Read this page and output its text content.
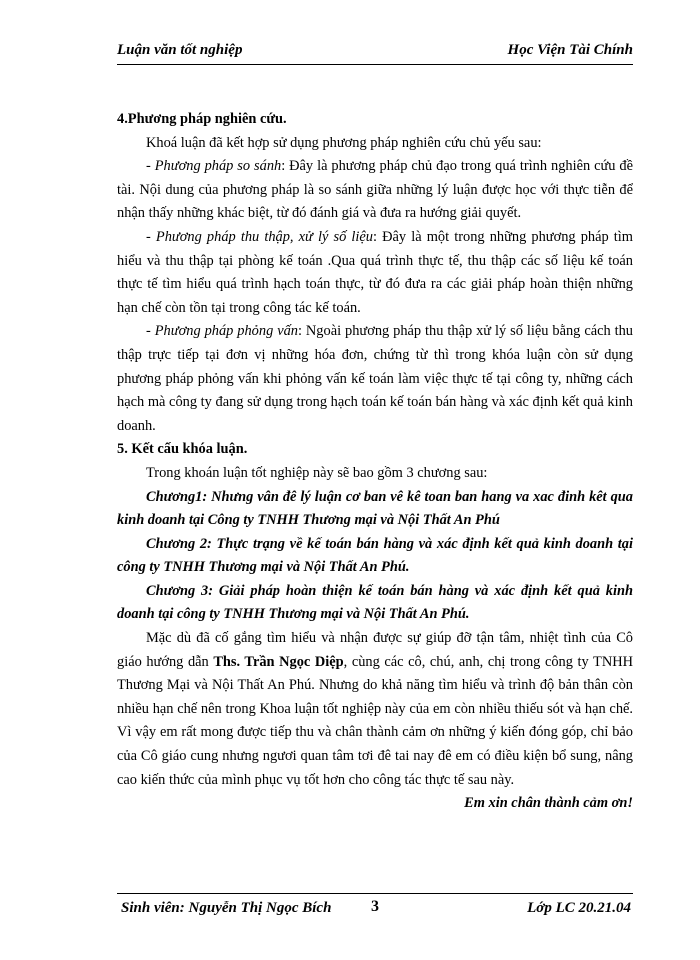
Luận văn tốt nghiệp	Học Viện Tài Chính

4.Phương pháp nghiên cứu.

Khoá luận đã kết hợp sử dụng phương pháp nghiên cứu chủ yếu sau:

- Phương pháp so sánh: Đây là phương pháp chủ đạo trong quá trình nghiên cứu đề tài. Nội dung của phương pháp là so sánh giữa những lý luận được học với thực tiễn để nhận thấy những khác biệt, từ đó đánh giá và đưa ra hướng giải quyết.

- Phương pháp thu thập, xử lý số liệu: Đây là một trong những phương pháp tìm hiểu và thu thập tại phòng kế toán .Qua quá trình thực tế, thu thập các số liệu kế toán thực tế tìm hiểu quá trình hạch toán thực, từ đó đưa ra các giải pháp hoàn thiện những hạn chế còn tồn tại trong công tác kế toán.

- Phương pháp phỏng vấn: Ngoài phương pháp thu thập xử lý số liệu bằng cách thu thập trực tiếp tại đơn vị những hóa đơn, chứng từ thì trong khóa luận còn sử dụng phương pháp phỏng vấn khi phỏng vấn kế toán làm việc thực tế tại công ty, những cách hạch mà công ty đang sử dụng trong hạch toán kế toán bán hàng và xác định kết quả kinh doanh.

5. Kết cấu khóa luận.

Trong khoán luận tốt nghiệp này sẽ bao gồm 3 chương sau:

Chương1: Nhưng vân đê lý luận cơ ban vê kê toan ban hang va xac đinh kêt qua kinh doanh tại Công ty TNHH Thương mại và Nội Thất An Phú

Chương 2: Thực trạng về kế toán bán hàng và xác định kết quả kinh doanh tại công ty TNHH Thương mại và Nội Thất An Phú.

Chương 3: Giải pháp hoàn thiện kế toán bán hàng và xác định kết quả kinh doanh tại công ty TNHH Thương mại và Nội Thất An Phú.

Mặc dù đã cố gắng tìm hiểu và nhận được sự giúp đỡ tận tâm, nhiệt tình của Cô giáo hướng dẫn Ths. Trần Ngọc Diệp, cùng các cô, chú, anh, chị trong công ty TNHH Thương Mại và Nội Thất An Phú. Nhưng do khả năng tìm hiểu và trình độ bản thân còn nhiều hạn chế nên trong Khoa luận tốt nghiệp này của em còn nhiều thiếu sót và hạn chế. Vì vậy em rất mong được tiếp thu và chân thành cảm ơn những ý kiến đóng góp, chỉ bảo của Cô giáo cung nhưng ngươi quan tâm tơi đê tai nay đê em có điều kiện bổ sung, nâng cao kiến thức của mình phục vụ tốt hơn cho công tác thực tế sau này.

Em xin chân thành cảm ơn!

Sinh viên: Nguyễn Thị Ngọc Bích 3	Lớp LC 20.21.04
